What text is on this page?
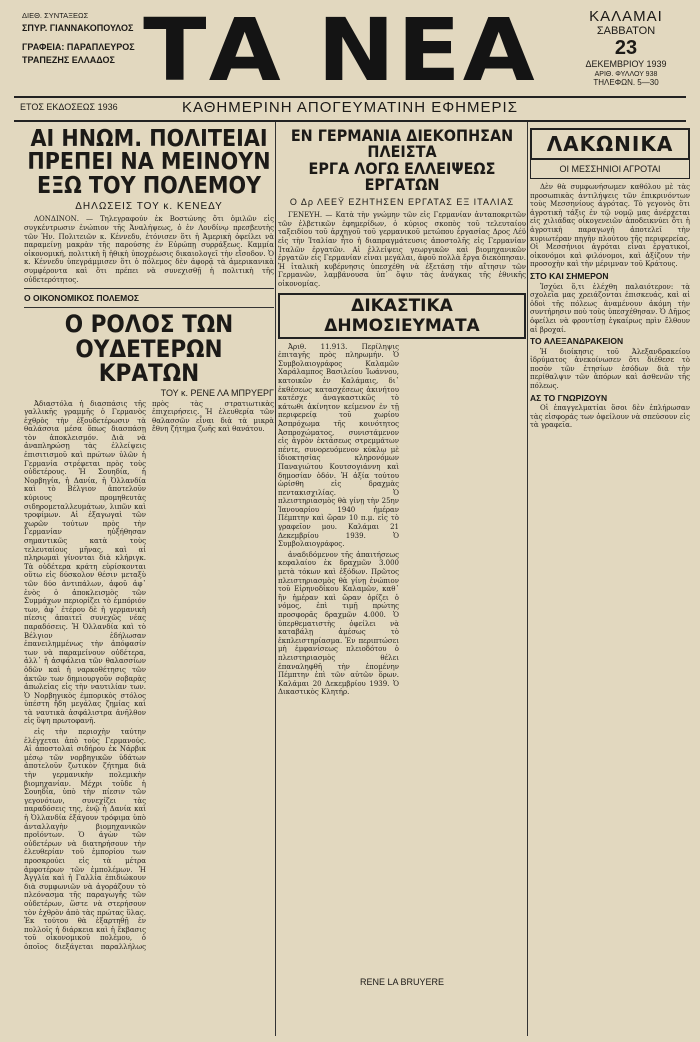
ΔΙΕΘ. ΣΥΝΤΑΞΕΩΣ
ΣΠΥΡ. ΓΙΑΝΝΑΚΟΠΟΥΛΟΣ
ΓΡΑΦΕΙΑ: ΠΑΡΑΠΛΕΥΡΟΣ
ΤΡΑΠΕΖΗΣ ΕΛΛΑΔΟΣ ΤΑ ΝΕΑ	ΚΑΛΑΜΑΙ
ΣΑΒΒΑΤΟΝ
23
ΔΕΚΕΜΒΡΙΟΥ 1939
ΑΡΙΘ. ΦΥΛΛΟΥ 938
ΤΗΛΕΦΩΝ. 5—30
ΕΤΟΣ ΕΚΔΟΣΕΩΣ 1936	ΚΑΘΗΜΕΡΙΝΗ ΑΠΟΓΕΥΜΑΤΙΝΗ ΕΦΗΜΕΡΙΣ
ΑΙ ΗΝΩΜ. ΠΟΛΙΤΕΙΑΙ
ΠΡΕΠΕΙ ΝΑ ΜΕΙΝΟΥΝ
ΕΞΩ ΤΟΥ ΠΟΛΕΜΟΥ
ΔΗΛΩΣΕΙΣ ΤΟΥ κ. ΚΕΝΕΔΥ

ΛΟΝΔΙΝΟΝ. — Τηλεγραφούν ἐκ Βοστώνης ὅτι ὁμιλῶν εἰς συγκέντρωσιν ἐνώπιον τῆς Ἀναλήψεως, ὁ ἐν Λονδίνῳ πρεσβευτὴς τῶν Ἡν. Πολιτειῶν κ. Κέννεδυ, ἐτόνισεν ὅτι ἡ Ἀμερικὴ ὀφείλει νὰ παραμείνῃ μακρὰν τῆς παρούσης ἐν Εὐρώπῃ συρράξεως. Καμμία οἰκονομική, πολιτικὴ ἢ ἠθικὴ ὑποχρέωσις δικαιολογεῖ τὴν εἴσοδον. Ὁ κ. Κέννεδυ ὑπεγράμμισεν ὅτι ὁ πόλεμος δὲν ἀφορᾷ τὰ ἀμερικανικὰ συμφέροντα καὶ ὅτι πρέπει νὰ συνεχισθῇ ἡ πολιτικὴ τῆς οὐδετερότητος.

Ο ΟΙΚΟΝΟΜΙΚΟΣ ΠΟΛΕΜΟΣ
Ο ΡΟΛΟΣ ΤΩΝ
ΟΥΔΕΤΕΡΩΝ ΚΡΑΤΩΝ
ΤΟΥ κ. ΡΕΝΕ ΛΑ ΜΠΡΥΕΡΓ

Ἀδιαστόλα ἡ διασπάσις τῆς γαλλικῆς γραμμῆς ὁ Γερμανὸς ἐχθρὸς τὴν ἐξουδετέρωσιν τὰ θαλάσσια μέσα ὅπως διασπάσῃ τὸν ἀποκλεισμόν. Διὰ νὰ ἀναπληρώσῃ τὰς ἐλλείψεις ἐπισιτισμοῦ καὶ πρώτων ὑλῶν ἡ Γερμανία στρέφεται πρὸς τοὺς οὐδετέρους. Ἡ Σουηδία, ἡ Νορβηγία, ἡ Δανία, ἡ Ὀλλανδία καὶ τὸ Βέλγιον ἀποτελοῦν κύριους προμηθευτὰς σιδηρομεταλλευμάτων, λιπῶν καὶ τροφίμων. Αἱ ἐξαγωγαὶ τῶν χωρῶν τούτων πρὸς τὴν Γερμανίαν ηὐξήθησαν σημαντικῶς κατὰ τοὺς τελευταίους μῆνας, καὶ αἱ πληρωμαὶ γίνονται διὰ κλήριγκ. Τὰ οὐδέτερα κράτη εὑρίσκονται οὕτω εἰς δύσκολον θέσιν μεταξὺ τῶν δύο ἀντιπάλων, ἀφοῦ ἀφ᾽ ἑνὸς ὁ ἀποκλεισμὸς τῶν Συμμάχων περιορίζει τὸ ἐμπόριόν των, ἀφ᾽ ἑτέρου δὲ ἡ γερμανικὴ πίεσις ἀπαιτεῖ συνεχῶς νέας παραδόσεις. Ἡ Ὀλλανδία καὶ τὸ Βέλγιον ἐδήλωσαν ἐπανειλημμένως τὴν ἀπόφασίν των νὰ παραμείνουν οὐδέτερα, ἀλλ᾽ ἡ ἀσφάλεια τῶν θαλασσίων ὁδῶν καὶ ἡ ναρκοθέτησις τῶν ἀκτῶν των δημιουργοῦν σοβαρὰς ἀπωλείας εἰς τὴν ναυτιλίαν των. Ὁ Νορβηγικὸς ἐμπορικὸς στόλος ὑπέστη ἤδη μεγάλας ζημίας καὶ τὰ ναυτικὰ ἀσφάλιστρα ἀνῆλθον εἰς ὕψη πρωτοφανῆ.

εἰς τὴν περιοχὴν ταύτην ἐλέγχεται ἀπὸ τοὺς Γερμανούς. Αἱ ἀποστολαὶ σιδήρου ἐκ Νάρβικ μέσῳ τῶν νορβηγικῶν ὑδάτων ἀποτελοῦν ζωτικὸν ζήτημα διὰ τὴν γερμανικὴν πολεμικὴν βιομηχανίαν. Μέχρι τοῦδε ἡ Σουηδία, ὑπὸ τὴν πίεσιν τῶν γεγονότων, συνεχίζει τὰς παραδόσεις της, ἐνῷ ἡ Δανία καὶ ἡ Ὀλλανδία ἐξάγουν τρόφιμα ὑπὸ ἀνταλλαγὴν βιομηχανικῶν προϊόντων. Ὁ ἀγὼν τῶν οὐδετέρων νὰ διατηρήσουν τὴν ἐλευθερίαν τοῦ ἐμπορίου των προσκρούει εἰς τὰ μέτρα ἀμφοτέρων τῶν ἐμπολέμων. Ἡ Ἀγγλία καὶ ἡ Γαλλία ἐπιδιώκουν διὰ συμφωνιῶν νὰ ἀγοράζουν τὸ πλεόνασμα τῆς παραγωγῆς τῶν οὐδετέρων, ὥστε νὰ στερήσουν τὸν ἐχθρὸν ἀπὸ τὰς πρώτας ὕλας. Ἐκ τούτου θὰ ἐξαρτηθῇ ἐν πολλοῖς ἡ διάρκεια καὶ ἡ ἔκβασις τοῦ οἰκονομικοῦ πολέμου, ὁ ὁποῖος διεξάγεται παραλλήλως πρὸς τὰς στρατιωτικὰς ἐπιχειρήσεις. Ἡ ἐλευθερία τῶν θαλασσῶν εἶναι διὰ τὰ μικρὰ ἔθνη ζήτημα ζωῆς καὶ θανάτου.

ΕΝ ΓΕΡΜΑΝΙΑ ΔΙΕΚΟΠΗΣΑΝ ΠΛΕΙΣΤΑ
ΕΡΓΑ ΛΟΓΩ ΕΛΛΕΙΨΕΩΣ ΕΡΓΑΤΩΝ
Ο Δρ ΛΕΕΫ ΕΖΗΤΗΣΕΝ ΕΡΓΑΤΑΣ ΕΞ ΙΤΑΛΙΑΣ

ΓΕΝΕΥΗ. — Κατὰ τὴν γνώμην τῶν εἰς Γερμανίαν ἀνταποκριτῶν τῶν ἐλβετικῶν ἐφημερίδων, ὁ κύριος σκοπὸς τοῦ τελευταίου ταξειδίου τοῦ ἀρχηγοῦ τοῦ γερμανικοῦ μετώπου ἐργασίας Δρος Λέϋ εἰς τὴν Ἰταλίαν ἦτο ἡ διαπραγμάτευσις ἀποστολῆς εἰς Γερμανίαν Ἰταλῶν ἐργατῶν. Αἱ ἐλλείψεις γεωργικῶν καὶ βιομηχανικῶν ἐργατῶν εἰς Γερμανίαν εἶναι μεγάλαι, ἀφοῦ πολλὰ ἔργα διεκόπησαν. Ἡ ἰταλικὴ κυβέρνησις ὑπεσχέθη νὰ ἐξετάσῃ τὴν αἴτησιν τῶν Γερμανῶν, λαμβάνουσα ὑπ᾽ ὄψιν τὰς ἀνάγκας τῆς ἐθνικῆς οἰκονομίας.

ΔΙΚΑΣΤΙΚΑ ΔΗΜΟΣΙΕΥΜΑΤΑ

Ἀριθ. 11.913. Περίληψις ἐπιταγῆς πρὸς πληρωμήν. Ὁ Συμβολαιογράφος Καλαμῶν Χαράλαμπος Βασιλείου Ἰωάννου, κατοικῶν ἐν Καλάμαις, δι᾽ ἐκθέσεως κατασχέσεως ἀκινήτου κατέσχε ἀναγκαστικῶς τὸ κάτωθι ἀκίνητον κείμενον ἐν τῇ περιφερείᾳ τοῦ χωρίου Ἀσπρόχωμα τῆς κοινότητος Ἀσπροχώματος, συνιστάμενον εἰς ἀγρὸν ἐκτάσεως στρεμμάτων πέντε, συνορευόμενον κύκλῳ μὲ ἰδιοκτησίας κληρονόμων Παναγιώτου Κουτσογιάννη καὶ δημοσίαν ὁδόν. Ἡ ἀξία τούτου ὡρίσθη εἰς δραχμὰς πεντακισχιλίας. Ὁ πλειστηριασμὸς θὰ γίνῃ τὴν 25ην Ἰανουαρίου 1940 ἡμέραν Πέμπτην καὶ ὥραν 10 π.μ. εἰς τὸ γραφεῖον μου. Καλάμαι 21 Δεκεμβρίου 1939. Ὁ Συμβολαιογράφος.

ἀναδιδόμενον τῆς ἀπαιτήσεως κεφαλαίου ἐκ δραχμῶν 3.000 μετὰ τόκων καὶ ἐξόδων. Πρῶτος πλειστηριασμὸς θὰ γίνῃ ἐνώπιον τοῦ Εἰρηνοδίκου Καλαμῶν, καθ᾽ ἣν ἡμέραν καὶ ὥραν ὁρίζει ὁ νόμος, ἐπὶ τιμῇ πρώτης προσφορᾶς δραχμῶν 4.000. Ὁ ὑπερθεματιστὴς ὀφείλει νὰ καταβάλῃ ἀμέσως τὸ ἐκπλειστηρίασμα. Ἐν περιπτώσει μὴ ἐμφανίσεως πλειοδότου ὁ πλειστηριασμὸς θέλει ἐπαναληφθῆ τὴν ἑπομένην Πέμπτην ἐπὶ τῶν αὐτῶν ὅρων. Καλάμαι 20 Δεκεμβρίου 1939. Ὁ Δικαστικὸς Κλητήρ.

RENE LA BRUYERE
ΛΑΚΩΝΙΚΑ
ΟΙ ΜΕΣΣΗΝΙΟΙ ΑΓΡΟΤΑΙ

Δὲν θὰ συμφωνήσωμεν καθόλου μὲ τὰς προσωπικὰς ἀντιλήψεις τῶν ἐπικρινόντων τοὺς Μεσσηνίους ἀγρότας. Τὸ γεγονὸς ὅτι ἀγροτικὴ τάξις ἐν τῷ νομῷ μας ἀνέρχεται εἰς χιλιάδας οἰκογενειῶν ἀποδεικνύει ὅτι ἡ ἀγροτικὴ παραγωγὴ ἀποτελεῖ τὴν κυριωτέραν πηγὴν πλούτου τῆς περιφερείας. Οἱ Μεσσήνιοι ἀγρόται εἶναι ἐργατικοί, οἰκονόμοι καὶ φιλόνομοι, καὶ ἀξίζουν τὴν προσοχὴν καὶ τὴν μέριμναν τοῦ Κράτους.

ΣΤΟ ΚΑΙ ΣΗΜΕΡΟΝ

Ἰσχύει ὅ,τι ἐλέχθη παλαιότερον: τὰ σχολεῖα μας χρειάζονται ἐπισκευάς, καὶ αἱ ὁδοὶ τῆς πόλεως ἀναμένουν ἀκόμη τὴν συντήρησιν ποὺ τοὺς ὑπεσχέθησαν. Ὁ Δῆμος ὀφείλει νὰ φροντίσῃ ἐγκαίρως πρὶν ἔλθουν αἱ βροχαί.

ΤΟ ΑΛΕΞΑΝΔΡΑΚΕΙΟΝ

Ἡ διοίκησις τοῦ Ἀλεξανδρακείου ἱδρύματος ἀνεκοίνωσεν ὅτι διέθεσε τὸ ποσὸν τῶν ἐτησίων ἐσόδων διὰ τὴν περίθαλψιν τῶν ἀπόρων καὶ ἀσθενῶν τῆς πόλεως.

ΑΣ ΤΟ ΓΝΩΡΙΖΟΥΝ

Οἱ ἐπαγγελματίαι ὅσοι δὲν ἐπλήρωσαν τὰς εἰσφοράς των ὀφείλουν νὰ σπεύσουν εἰς τὰ γραφεῖα.
